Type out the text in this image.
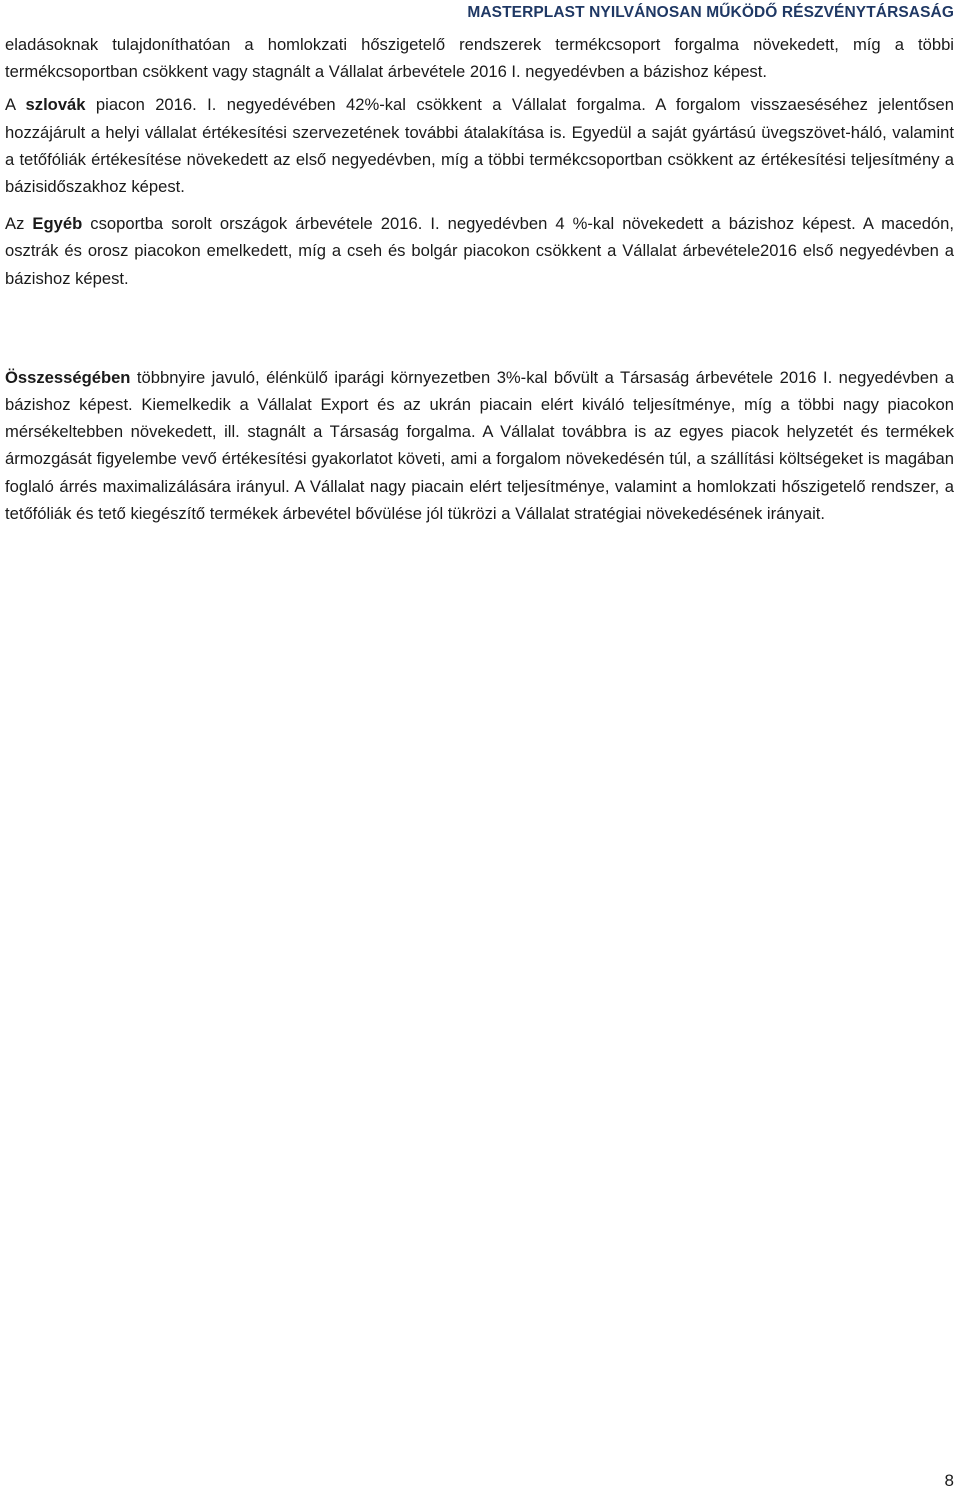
MASTERPLAST NYILVÁNOSAN MŰKÖDŐ RÉSZVÉNYTÁRSASÁG

eladásoknak tulajdoníthatóan a homlokzati hőszigetelő rendszerek termékcsoport forgalma növekedett, míg a többi termékcsoportban csökkent vagy stagnált a Vállalat árbevétele 2016 I. negyedévben a bázishoz képest.

A szlovák piacon 2016. I. negyedévében 42%-kal csökkent a Vállalat forgalma. A forgalom visszaeséséhez jelentősen hozzájárult a helyi vállalat értékesítési szervezetének további átalakítása is. Egyedül a saját gyártású üvegszövet-háló, valamint a tetőfóliák értékesítése növekedett az első negyedévben, míg a többi termékcsoportban csökkent az értékesítési teljesítmény a bázisidőszakhoz képest.

Az Egyéb csoportba sorolt országok árbevétele 2016. I. negyedévben 4 %-kal növekedett a bázishoz képest. A macedón, osztrák és orosz piacokon emelkedett, míg a cseh és bolgár piacokon csökkent a Vállalat árbevétele2016 első negyedévben a bázishoz képest.

Összességében többnyire javuló, élénkülő iparági környezetben 3%-kal bővült a Társaság árbevétele 2016 I. negyedévben a bázishoz képest. Kiemelkedik a Vállalat Export és az ukrán piacain elért kiváló teljesítménye, míg a többi nagy piacokon mérsékeltebben növekedett, ill. stagnált a Társaság forgalma. A Vállalat továbbra is az egyes piacok helyzetét és termékek ármozgását figyelembe vevő értékesítési gyakorlatot követi, ami a forgalom növekedésén túl, a szállítási költségeket is magában foglaló árrés maximalizálására irányul. A Vállalat nagy piacain elért teljesítménye, valamint a homlokzati hőszigetelő rendszer, a tetőfóliák és tető kiegészítő termékek árbevétel bővülése jól tükrözi a Vállalat stratégiai növekedésének irányait.

8
